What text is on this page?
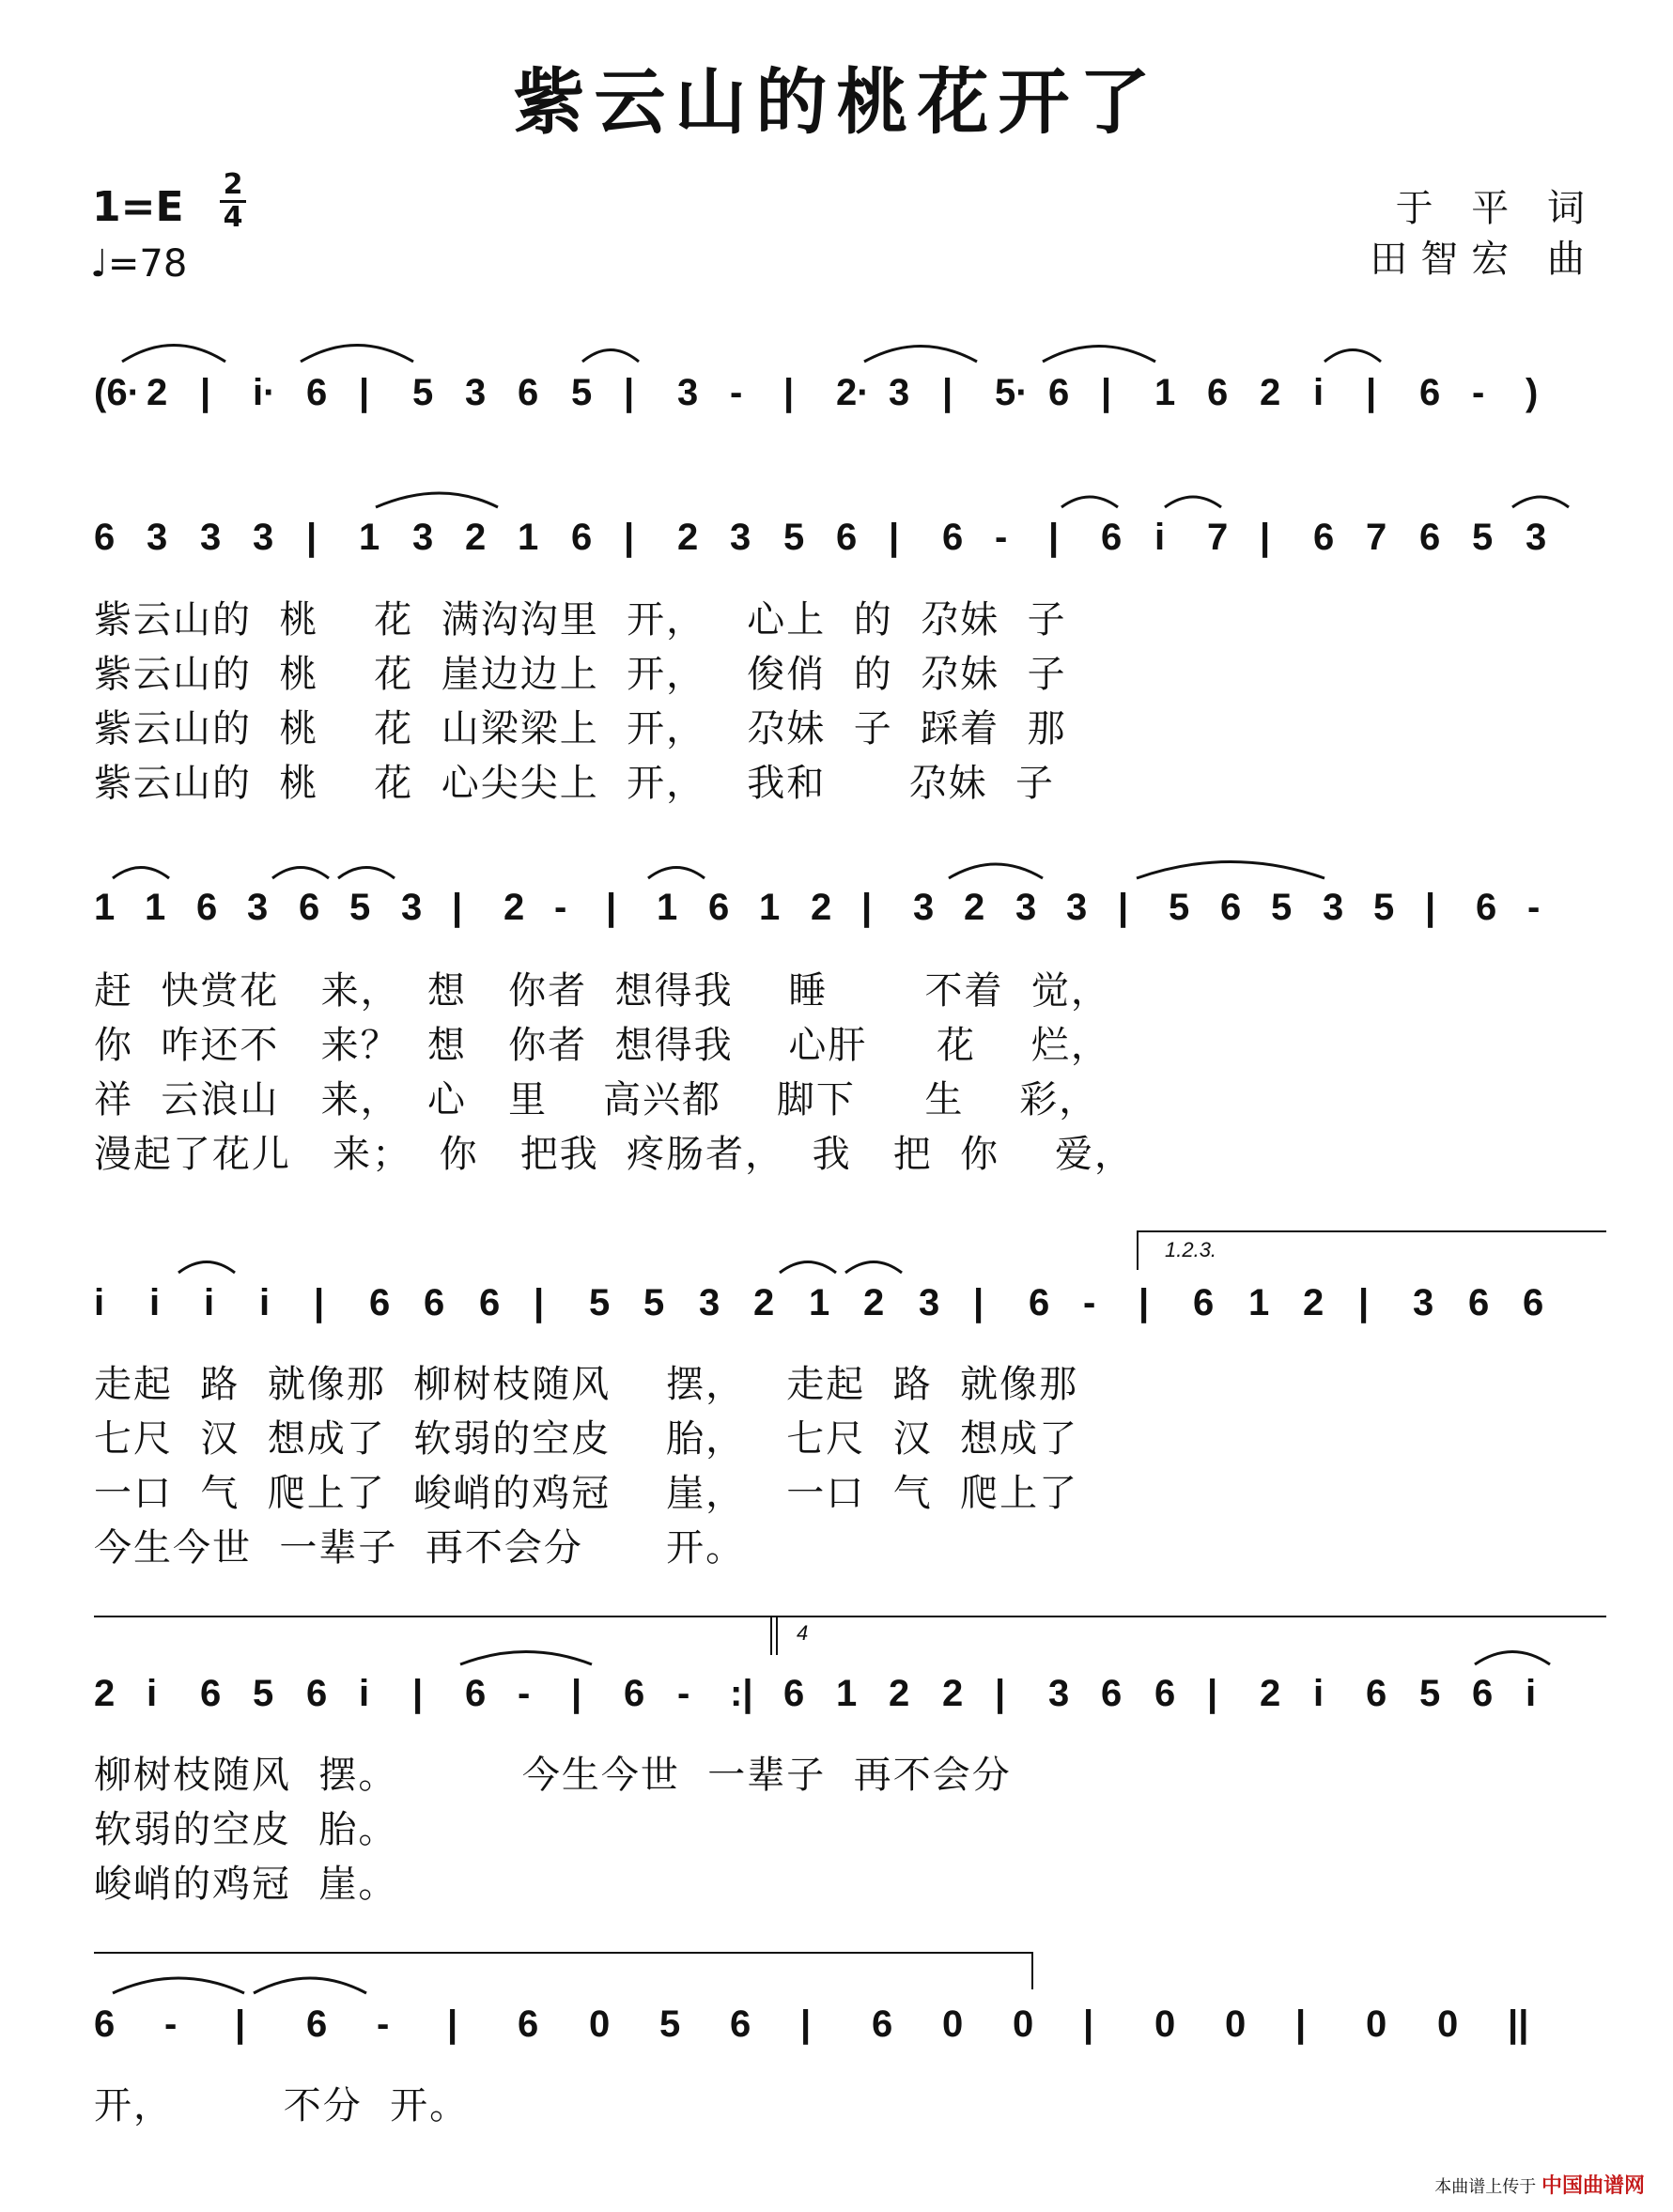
紫云山的桃花开了
1=E 2
4
♩=78
于 平 词
田智宏 曲
(6· 2 | i· 6 | 5 3 6 5 | 3 - | 2· 3 | 5· 6 | 1 6 2 i | 6 - )
6 3 3 3 | 1 3 2 1 6 | 2 3 5 6 | 6 - | 6 i 7 | 6 7 6 5 3
1 1 6 3 6 5 3 | 2 - | 1 6 1 2 | 3 2 3 3 | 5 6 5 3 5 | 6 -
i i i i | 6 6 6 | 5 5 3 2 1 2 3 | 6 - | 6 1 2 | 3 6 6
2 i 6 5 6 i | 6 - | 6 - :| 6 1 2 2 | 3 6 6 | 2 i 6 5 6 i
6 - | 6 - | 6 0 5 6 | 6 0 0 | 0 0 | 0 0 ||
紫云山的  桃    花  满沟沟里  开，   心上  的  尕妹  子
紫云山的  桃    花  崖边边上  开，   俊俏  的  尕妹  子
紫云山的  桃    花  山梁梁上  开，   尕妹  子  踩着  那
紫云山的  桃    花  心尖尖上  开，   我和      尕妹  子
赶  快赏花   来，  想   你者  想得我    睡       不着  觉，
你  咋还不   来？  想   你者  想得我    心肝     花    烂，
祥  云浪山   来，  心   里    高兴都    脚下     生    彩，
漫起了花儿   来；  你   把我  疼肠者，  我   把  你    爱，
走起  路  就像那  柳树枝随风    摆，   走起  路  就像那
七尺  汉  想成了  软弱的空皮    胎，   七尺  汉  想成了
一口  气  爬上了  峻峭的鸡冠    崖，   一口  气  爬上了
今生今世  一辈子  再不会分      开。
柳树枝随风  摆。         今生今世  一辈子  再不会分
软弱的空皮  胎。
峻峭的鸡冠  崖。
开，        不分  开。
1.2.3.
4
本曲谱上传于 中国曲谱网
